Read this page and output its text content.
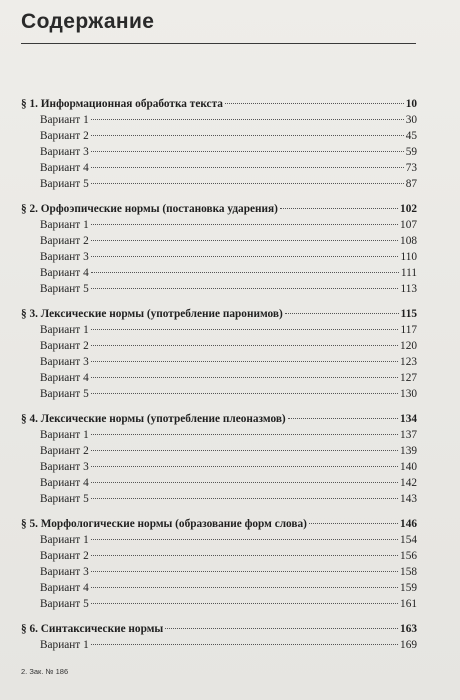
Содержание
§ 1. Информационная обработка текста	10
Вариант 1	30
Вариант 2	45
Вариант 3	59
Вариант 4	73
Вариант 5	87
§ 2. Орфоэпические нормы (постановка ударения)	102
Вариант 1	107
Вариант 2	108
Вариант 3	110
Вариант 4	111
Вариант 5	113
§ 3. Лексические нормы (употребление паронимов)	115
Вариант 1	117
Вариант 2	120
Вариант 3	123
Вариант 4	127
Вариант 5	130
§ 4. Лексические нормы (употребление плеоназмов)	134
Вариант 1	137
Вариант 2	139
Вариант 3	140
Вариант 4	142
Вариант 5	143
§ 5. Морфологические нормы (образование форм слова)	146
Вариант 1	154
Вариант 2	156
Вариант 3	158
Вариант 4	159
Вариант 5	161
§ 6. Синтаксические нормы	163
Вариант 1	169
2. Зак. № 186
